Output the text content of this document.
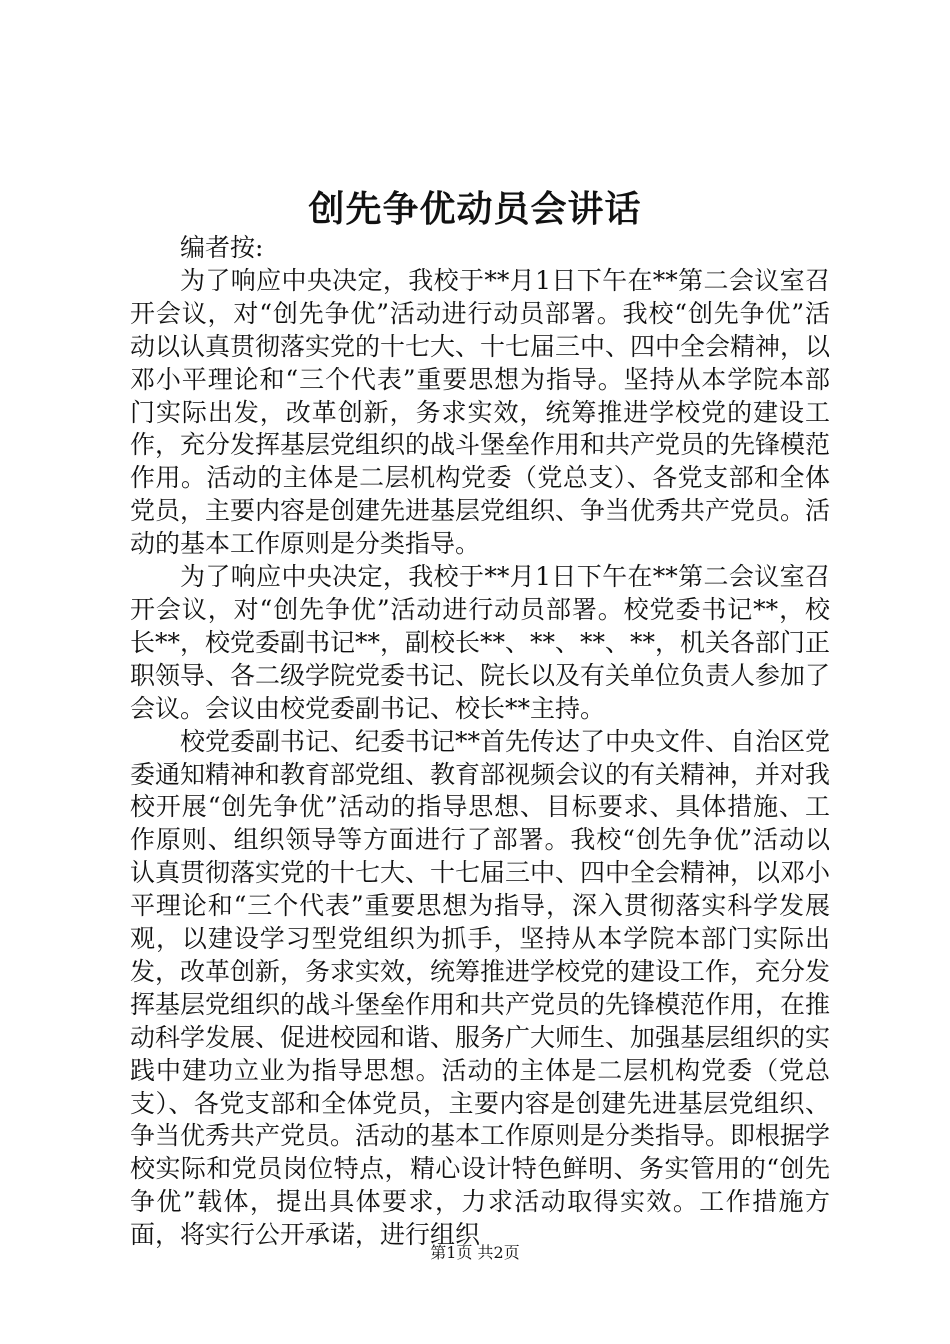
创先争优动员会讲话

编者按:

为了响应中央决定，我校于**月1日下午在**第二会议室召开会议，对“创先争优”活动进行动员部署。我校“创先争优”活动以认真贯彻落实党的十七大、十七届三中、四中全会精神，以邓小平理论和“三个代表”重要思想为指导。坚持从本学院本部门实际出发，改革创新，务求实效，统筹推进学校党的建设工作，充分发挥基层党组织的战斗堡垒作用和共产党员的先锋模范作用。活动的主体是二层机构党委（党总支）、各党支部和全体党员，主要内容是创建先进基层党组织、争当优秀共产党员。活动的基本工作原则是分类指导。

为了响应中央决定，我校于**月1日下午在**第二会议室召开会议，对“创先争优”活动进行动员部署。校党委书记**，校长**，校党委副书记**，副校长**、**、**、**，机关各部门正职领导、各二级学院党委书记、院长以及有关单位负责人参加了会议。会议由校党委副书记、校长**主持。

校党委副书记、纪委书记**首先传达了中央文件、自治区党委通知精神和教育部党组、教育部视频会议的有关精神，并对我校开展“创先争优”活动的指导思想、目标要求、具体措施、工作原则、组织领导等方面进行了部署。我校“创先争优”活动以认真贯彻落实党的十七大、十七届三中、四中全会精神，以邓小平理论和“三个代表”重要思想为指导，深入贯彻落实科学发展观，以建设学习型党组织为抓手，坚持从本学院本部门实际出发，改革创新，务求实效，统筹推进学校党的建设工作，充分发挥基层党组织的战斗堡垒作用和共产党员的先锋模范作用，在推动科学发展、促进校园和谐、服务广大师生、加强基层组织的实践中建功立业为指导思想。活动的主体是二层机构党委（党总支）、各党支部和全体党员，主要内容是创建先进基层党组织、争当优秀共产党员。活动的基本工作原则是分类指导。即根据学校实际和党员岗位特点，精心设计特色鲜明、务实管用的“创先争优”载体，提出具体要求，力求活动取得实效。工作措施方面，将实行公开承诺，进行组织

第1页 共2页
